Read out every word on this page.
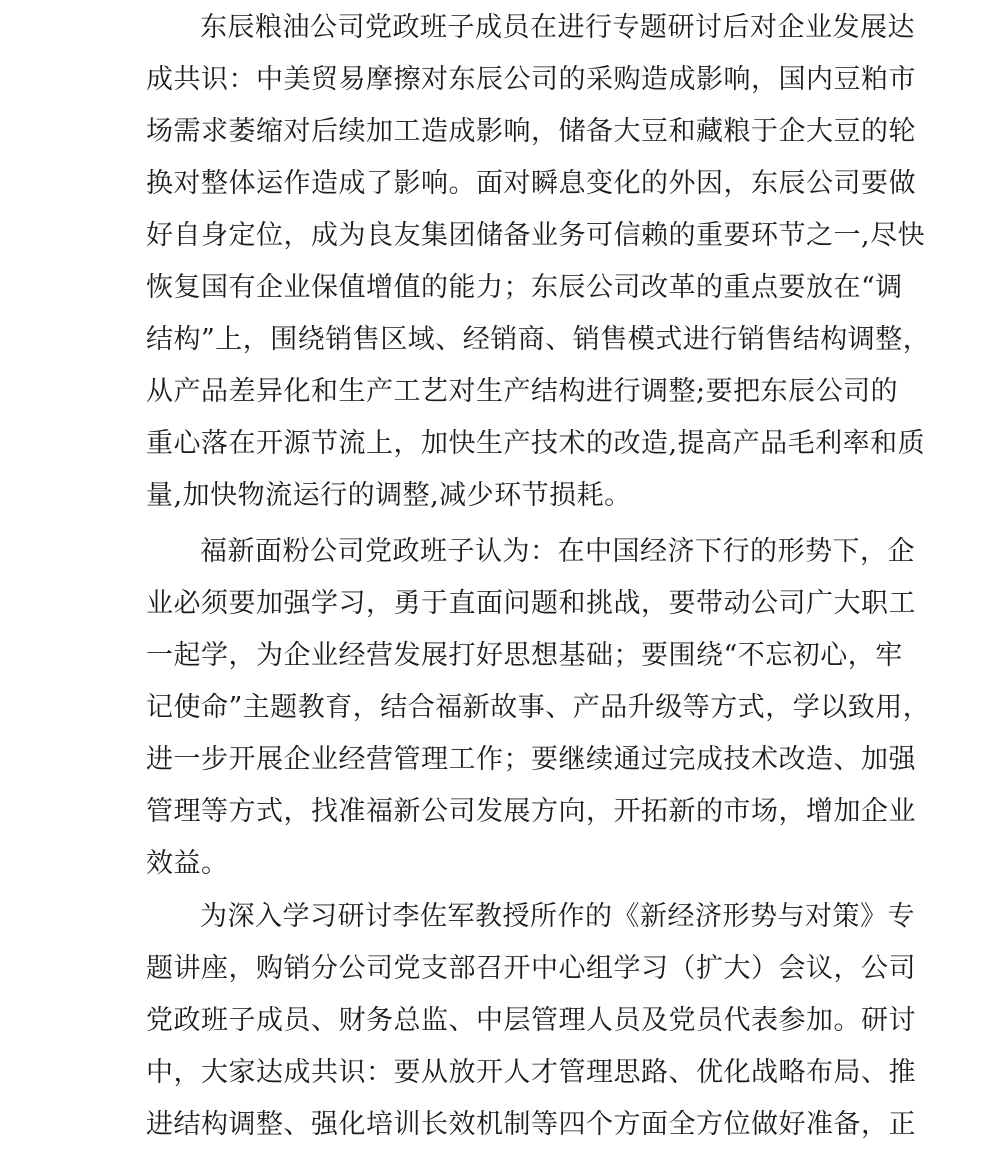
东辰粮油公司党政班子成员在进行专题研讨后对企业发展达
成共识：中美贸易摩擦对东辰公司的采购造成影响，国内豆粕市
场需求萎缩对后续加工造成影响，储备大豆和藏粮于企大豆的轮
换对整体运作造成了影响。面对瞬息变化的外因，东辰公司要做
好自身定位，成为良友集团储备业务可信赖的重要环节之一,尽快
恢复国有企业保值增值的能力；东辰公司改革的重点要放在“调
结构”上，围绕销售区域、经销商、销售模式进行销售结构调整，
从产品差异化和生产工艺对生产结构进行调整;要把东辰公司的
重心落在开源节流上，加快生产技术的改造,提高产品毛利率和质
量,加快物流运行的调整,减少环节损耗。
福新面粉公司党政班子认为：在中国经济下行的形势下，企
业必须要加强学习，勇于直面问题和挑战，要带动公司广大职工
一起学，为企业经营发展打好思想基础；要围绕“不忘初心，牢
记使命”主题教育，结合福新故事、产品升级等方式，学以致用，
进一步开展企业经营管理工作；要继续通过完成技术改造、加强
管理等方式，找准福新公司发展方向，开拓新的市场，增加企业
效益。
为深入学习研讨李佐军教授所作的《新经济形势与对策》专
题讲座，购销分公司党支部召开中心组学习（扩大）会议，公司
党政班子成员、财务总监、中层管理人员及党员代表参加。研讨
中，大家达成共识：要从放开人才管理思路、优化战略布局、推
进结构调整、强化培训长效机制等四个方面全方位做好准备，正
